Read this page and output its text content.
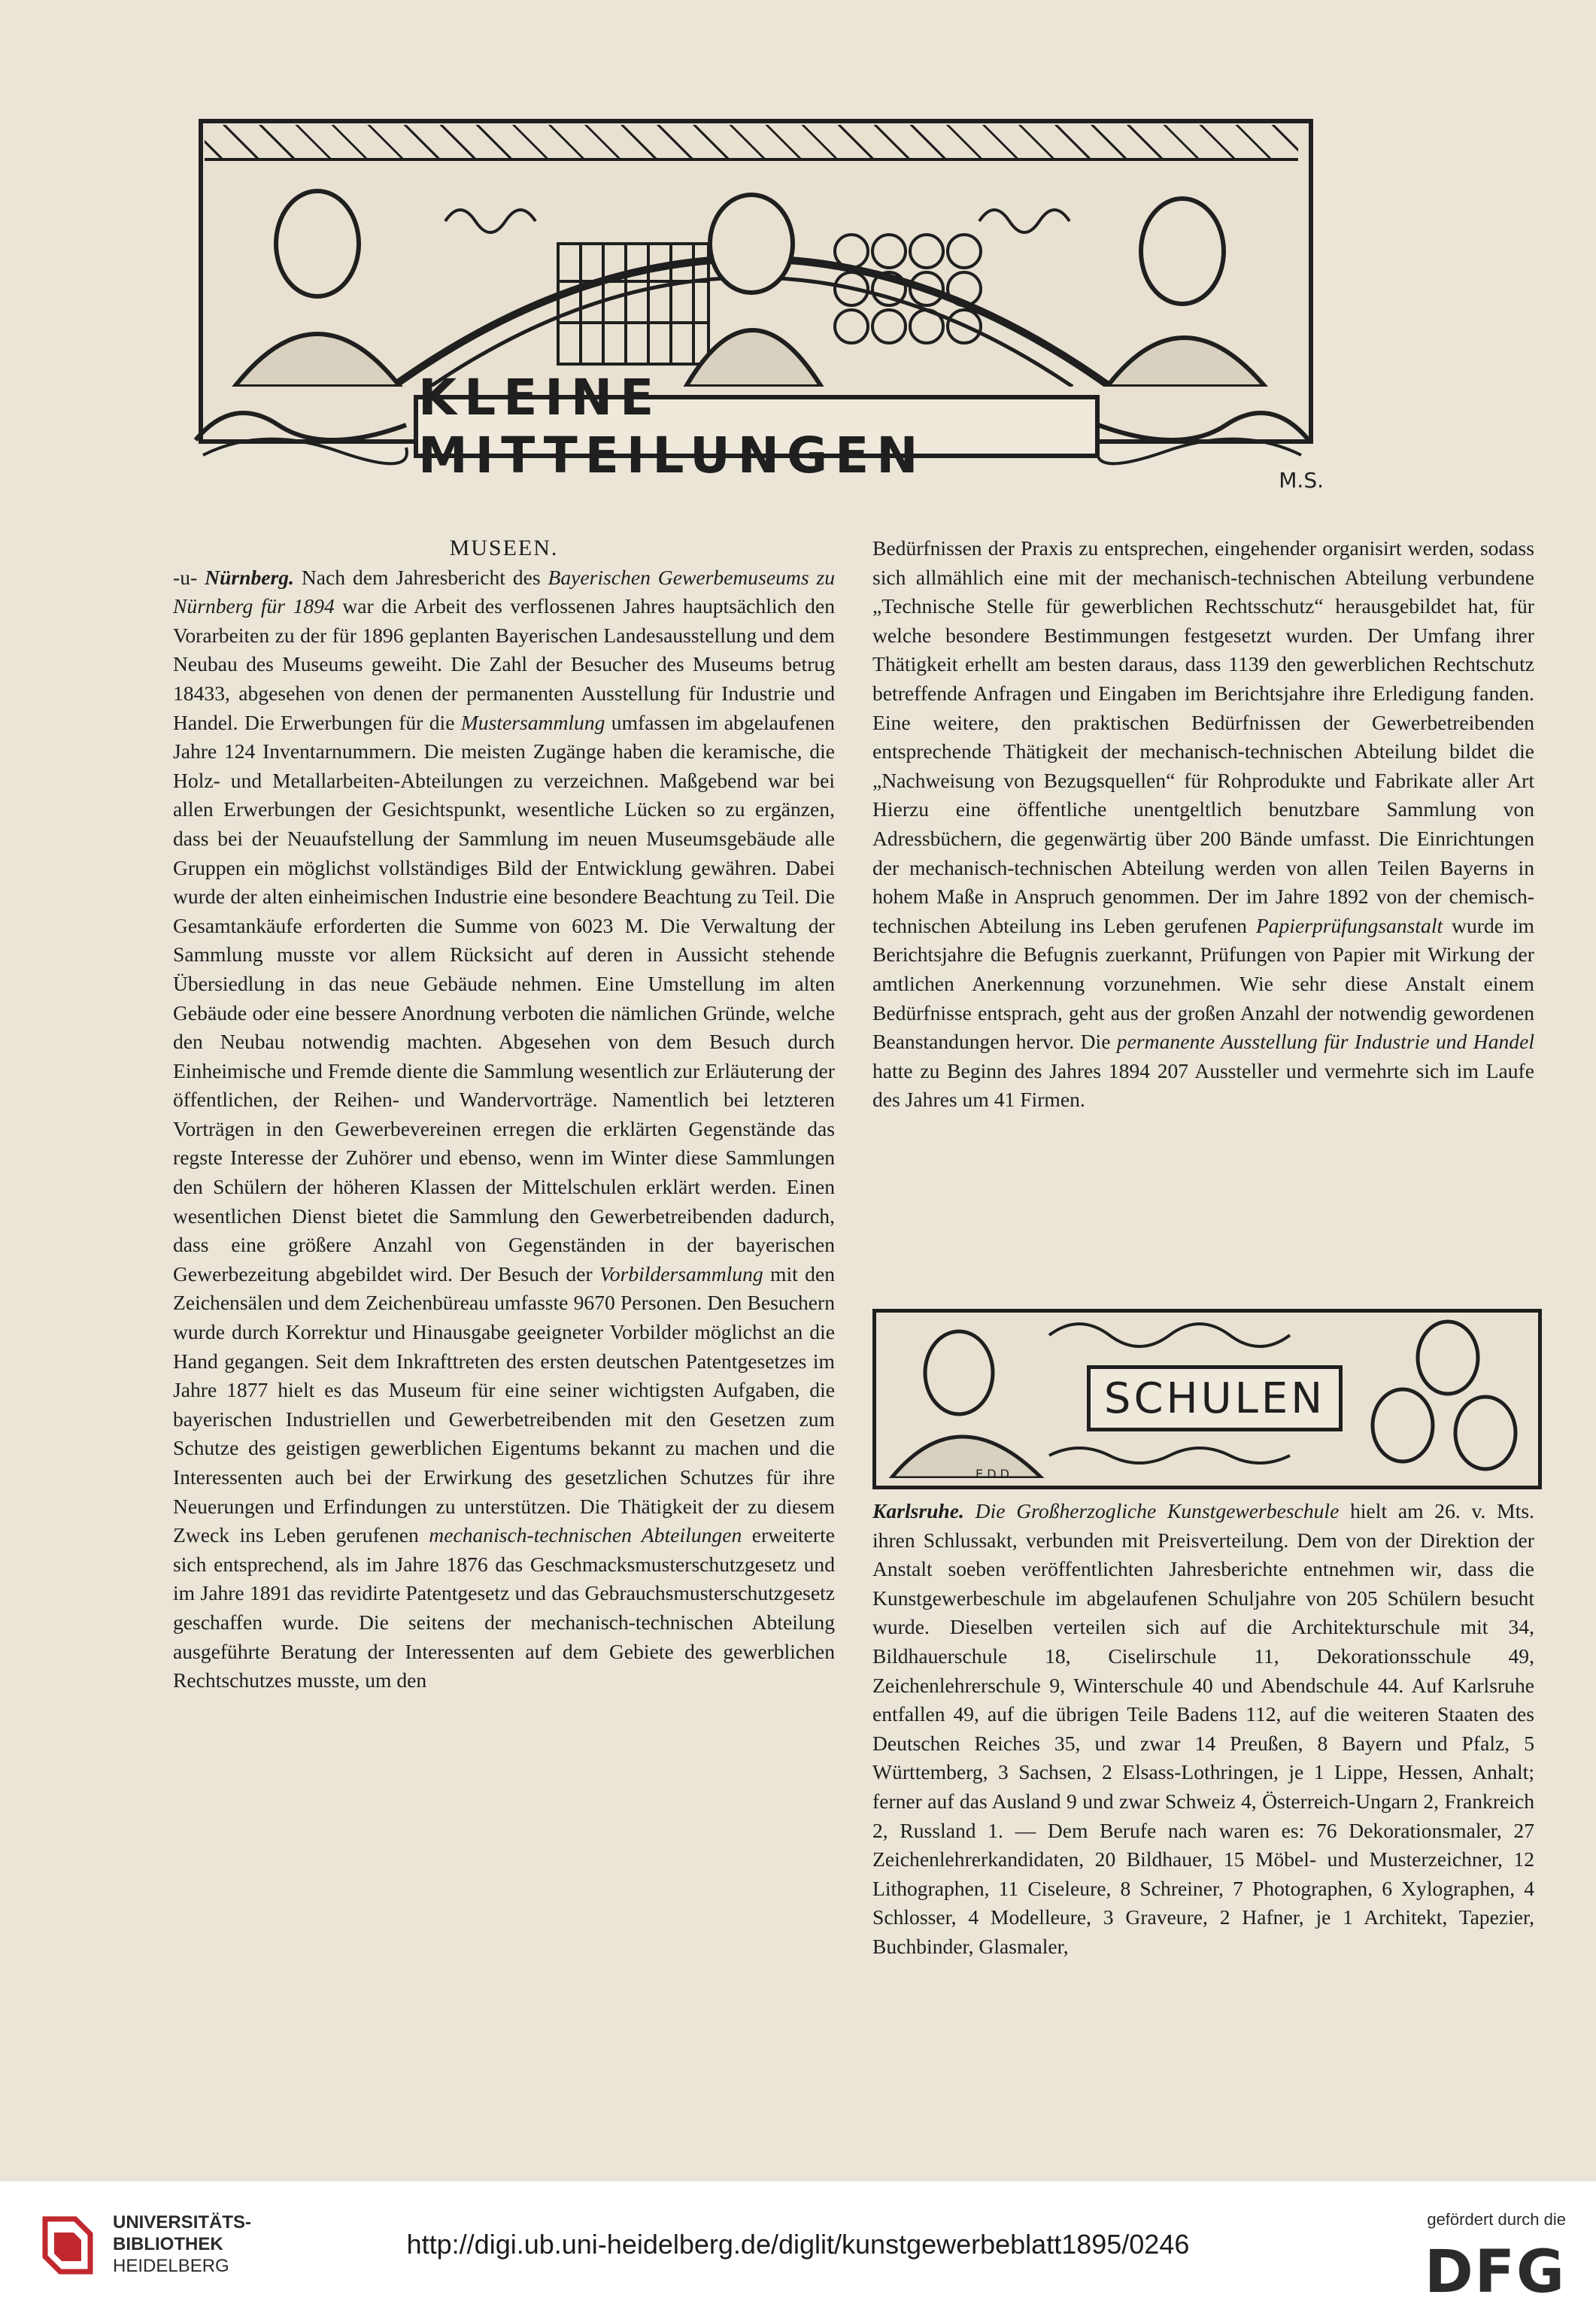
KLEINE MITTEILUNGEN	M.S.

MUSEEN.

-u- Nürnberg. Nach dem Jahresbericht des Bayerischen Gewerbemuseums zu Nürnberg für 1894 war die Arbeit des verflossenen Jahres hauptsächlich den Vorarbeiten zu der für 1896 geplanten Bayerischen Landesausstellung und dem Neubau des Museums geweiht. Die Zahl der Besucher des Museums betrug 18433, abgesehen von denen der permanenten Ausstellung für Industrie und Handel. Die Erwerbungen für die Mustersammlung umfassen im abgelaufenen Jahre 124 Inventarnummern. Die meisten Zugänge haben die keramische, die Holz- und Metallarbeiten-Abteilungen zu verzeichnen. Maßgebend war bei allen Erwerbungen der Gesichtspunkt, wesentliche Lücken so zu ergänzen, dass bei der Neuaufstellung der Sammlung im neuen Museumsgebäude alle Gruppen ein möglichst vollständiges Bild der Entwicklung gewähren. Dabei wurde der alten einheimischen Industrie eine besondere Beachtung zu Teil. Die Gesamtankäufe erforderten die Summe von 6023 M. Die Verwaltung der Sammlung musste vor allem Rücksicht auf deren in Aussicht stehende Übersiedlung in das neue Gebäude nehmen. Eine Umstellung im alten Gebäude oder eine bessere Anordnung verboten die nämlichen Gründe, welche den Neubau notwendig machten. Abgesehen von dem Besuch durch Einheimische und Fremde diente die Sammlung wesentlich zur Erläuterung der öffentlichen, der Reihen- und Wandervorträge. Namentlich bei letzteren Vorträgen in den Gewerbevereinen erregen die erklärten Gegenstände das regste Interesse der Zuhörer und ebenso, wenn im Winter diese Sammlungen den Schülern der höheren Klassen der Mittelschulen erklärt werden. Einen wesentlichen Dienst bietet die Sammlung den Gewerbetreibenden dadurch, dass eine größere Anzahl von Gegenständen in der bayerischen Gewerbezeitung abgebildet wird. Der Besuch der Vorbildersammlung mit den Zeichensälen und dem Zeichenbüreau umfasste 9670 Personen. Den Besuchern wurde durch Korrektur und Hinausgabe geeigneter Vorbilder möglichst an die Hand gegangen. Seit dem Inkrafttreten des ersten deutschen Patentgesetzes im Jahre 1877 hielt es das Museum für eine seiner wichtigsten Aufgaben, die bayerischen Industriellen und Gewerbetreibenden mit den Gesetzen zum Schutze des geistigen gewerblichen Eigentums bekannt zu machen und die Interessenten auch bei der Erwirkung des gesetzlichen Schutzes für ihre Neuerungen und Erfindungen zu unterstützen. Die Thätigkeit der zu diesem Zweck ins Leben gerufenen mechanisch-technischen Abteilungen erweiterte sich entsprechend, als im Jahre 1876 das Geschmacksmusterschutzgesetz und im Jahre 1891 das revidirte Patentgesetz und das Gebrauchsmusterschutzgesetz geschaffen wurde. Die seitens der mechanisch-technischen Abteilung ausgeführte Beratung der Interessenten auf dem Gebiete des gewerblichen Rechtschutzes musste, um den

Bedürfnissen der Praxis zu entsprechen, eingehender organisirt werden, sodass sich allmählich eine mit der mechanisch-technischen Abteilung verbundene „Technische Stelle für gewerblichen Rechtsschutz“ herausgebildet hat, für welche besondere Bestimmungen festgesetzt wurden. Der Umfang ihrer Thätigkeit erhellt am besten daraus, dass 1139 den gewerblichen Rechtschutz betreffende Anfragen und Eingaben im Berichtsjahre ihre Erledigung fanden. Eine weitere, den praktischen Bedürfnissen der Gewerbetreibenden entsprechende Thätigkeit der mechanisch-technischen Abteilung bildet die „Nachweisung von Bezugsquellen“ für Rohprodukte und Fabrikate aller Art Hierzu eine öffentliche unentgeltlich benutzbare Sammlung von Adressbüchern, die gegenwärtig über 200 Bände umfasst. Die Einrichtungen der mechanisch-technischen Abteilung werden von allen Teilen Bayerns in hohem Maße in Anspruch genommen. Der im Jahre 1892 von der chemisch-technischen Abteilung ins Leben gerufenen Papierprüfungsanstalt wurde im Berichtsjahre die Befugnis zuerkannt, Prüfungen von Papier mit Wirkung der amtlichen Anerkennung vorzunehmen. Wie sehr diese Anstalt einem Bedürfnisse entsprach, geht aus der großen Anzahl der notwendig gewordenen Beanstandungen hervor. Die permanente Ausstellung für Industrie und Handel hatte zu Beginn des Jahres 1894 207 Aussteller und vermehrte sich im Laufe des Jahres um 41 Firmen.

SCHULEN
E.D.D.

Karlsruhe. Die Großherzogliche Kunstgewerbeschule hielt am 26. v. Mts. ihren Schlussakt, verbunden mit Preisverteilung. Dem von der Direktion der Anstalt soeben veröffentlichten Jahresberichte entnehmen wir, dass die Kunstgewerbeschule im abgelaufenen Schuljahre von 205 Schülern besucht wurde. Dieselben verteilen sich auf die Architekturschule mit 34, Bildhauerschule 18, Ciselirschule 11, Dekorationsschule 49, Zeichenlehrerschule 9, Winterschule 40 und Abendschule 44. Auf Karlsruhe entfallen 49, auf die übrigen Teile Badens 112, auf die weiteren Staaten des Deutschen Reiches 35, und zwar 14 Preußen, 8 Bayern und Pfalz, 5 Württemberg, 3 Sachsen, 2 Elsass-Lothringen, je 1 Lippe, Hessen, Anhalt; ferner auf das Ausland 9 und zwar Schweiz 4, Österreich-Ungarn 2, Frankreich 2, Russland 1. — Dem Berufe nach waren es: 76 Dekorationsmaler, 27 Zeichenlehrerkandidaten, 20 Bildhauer, 15 Möbel- und Musterzeichner, 12 Lithographen, 11 Ciseleure, 8 Schreiner, 7 Photographen, 6 Xylographen, 4 Schlosser, 4 Modelleure, 3 Graveure, 2 Hafner, je 1 Architekt, Tapezier, Buchbinder, Glasmaler,

UNIVERSITÄTS-
BIBLIOTHEK
HEIDELBERG
http://digi.ub.uni-heidelberg.de/diglit/kunstgewerbeblatt1895/0246
gefördert durch die
DFG
